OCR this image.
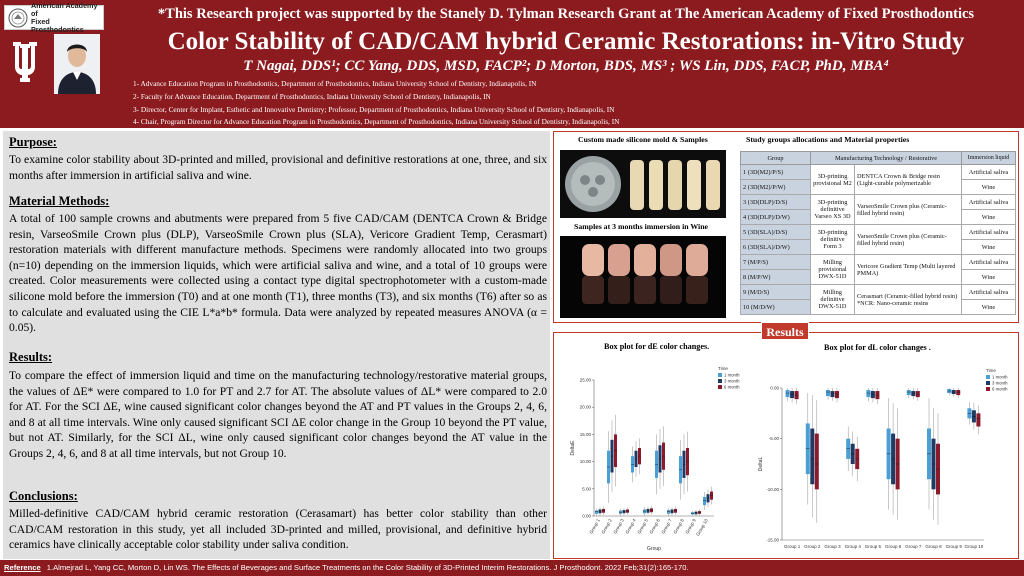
American Academy of
Fixed Prosthodontics
*This Research project was supported by the Stanely D. Tylman Research Grant at The American Academy of Fixed Prosthodontics
Color Stability of CAD/CAM hybrid Ceramic Restorations: in-Vitro Study
T Nagai, DDS¹; CC Yang, DDS, MSD, FACP²; D Morton, BDS, MS³ ; WS Lin, DDS, FACP, PhD, MBA⁴
1- Advance Education Program in Prosthodontics, Department of Prosthodontics, Indiana University School of Dentistry, Indianapolis, IN
2- Faculty for Advance Education, Department of Prosthodontics, Indiana University School of Dentistry, Indianapolis, IN
3- Director, Center for Implant, Esthetic and Innovative Dentistry; Professor, Department of Prosthodontics, Indiana University School of Dentistry, Indianapolis, IN
4- Chair, Program Director for Advance Education Program in Prosthodontics, Department of Prosthodontics, Indiana University School of Dentistry, Indianapolis, IN
Purpose:
To examine color stability about 3D-printed and milled, provisional and definitive restorations at one, three, and six months after immersion in artificial saliva and wine.
Material Methods:
A total of 100 sample crowns and abutments were prepared from 5 five CAD/CAM (DENTCA Crown & Bridge resin, VarseoSmile Crown plus (DLP), VarseoSmile Crown plus (SLA), Vericore Gradient Temp, Cerasmart) restoration materials with different manufacture methods. Specimens were randomly allocated into two groups (n=10) depending on the immersion liquids, which were artificial saliva and wine, and a total of 10 groups were created. Color measurements were collected using a contact type digital spectrophotometer with a custom-made silicone mold before the immersion (T0) and at one month (T1), three months (T3), and six months (T6) after so as to calculate and evaluated using the CIE L*a*b* formula. Data were analyzed by repeated measures ANOVA (α = 0.05).
Results:
To compare the effect of immersion liquid and time on the manufacturing technology/restorative material groups, the values of ΔE* were compared to 1.0 for PT and 2.7 for AT. The absolute values of ΔL* were compared to 2.0 for AT. For the SCI ΔE, wine caused significant color changes beyond the AT and PT values in the Groups 2, 4, 6, and 8 at all time intervals. Wine only caused significant SCI ΔE color change in the Group 10 beyond the PT value, but not AT. Similarly, for the SCI ΔL, wine only caused significant color changes beyond the AT value in the Groups 2, 4, 6, and 8 at all time intervals, but not Group 10.
Conclusions:
Milled-definitive CAD/CAM hybrid ceramic restoration (Cerasamart) has better color stability than other CAD/CAM restoration in this study, yet all included 3D-printed and milled, provisional, and definitive hybrid ceramics have clinically acceptable color stability under saliva condition.
Custom made silicone mold & Samples
Samples at 3 months immersion in Wine
Study groups allocations and Material properties
Group	Manufacturing Technology / Restorative		Immersion liquid
1 (3D(M2)/P/S)	3D-printing provisional M2	DENTCA Crown & Bridge resin (Light-curable polymerizable	Artificial saliva
2 (3D(M2)/P/W)			Wine
3 (3D(DLP)/D/S)	3D-printing definitive Varseo XS 3D	VarseoSmile Crown plus (Ceramic-filled hybrid resin)	Artificial saliva
4 (3D(DLP)/D/W)			Wine
5 (3D(SLA)/D/S)	3D-printing definitive Form 3	VarseoSmile Crown plus (Ceramic-filled hybrid resin)	Artificial saliva
6 (3D(SLA)/D/W)			Wine
7 (M/P/S)	Milling provisional DWX-51D	Vericore Gradient Temp (Multi layered PMMA)	Artificial saliva
8 (M/P/W)			Wine
9 (M/D/S)	Milling definitive DWX-51D	Cerasmart (Ceramic-filled hybrid resin) *NCR: Nano-ceramic resins	Artificial saliva
10 (M/D/W)			Wine
Results
Box plot for dE color changes.
0.00
5.00
10.00
15.00
20.00
25.00
DeltaE
Group 1 Group 2 Group 3 Group 4 Group 5 Group 6 Group 7 Group 8 Group 9
Group 10
Group
Time
1 month
3 month
6 month
Box plot for dL color changes .
0.00
-5.00
-10.00
-15.00
DeltaL
Group 1 Group 2 Group 3 Group 4 Group 5 Group 6 Group 7 Group 8 Group 9 Group 10
Time
1 month
3 month
6 month
Reference 1.Almejrad L, Yang CC, Morton D, Lin WS. The Effects of Beverages and Surface Treatments on the Color Stability of 3D-Printed Interim Restorations. J Prosthodont. 2022 Feb;31(2):165-170.
